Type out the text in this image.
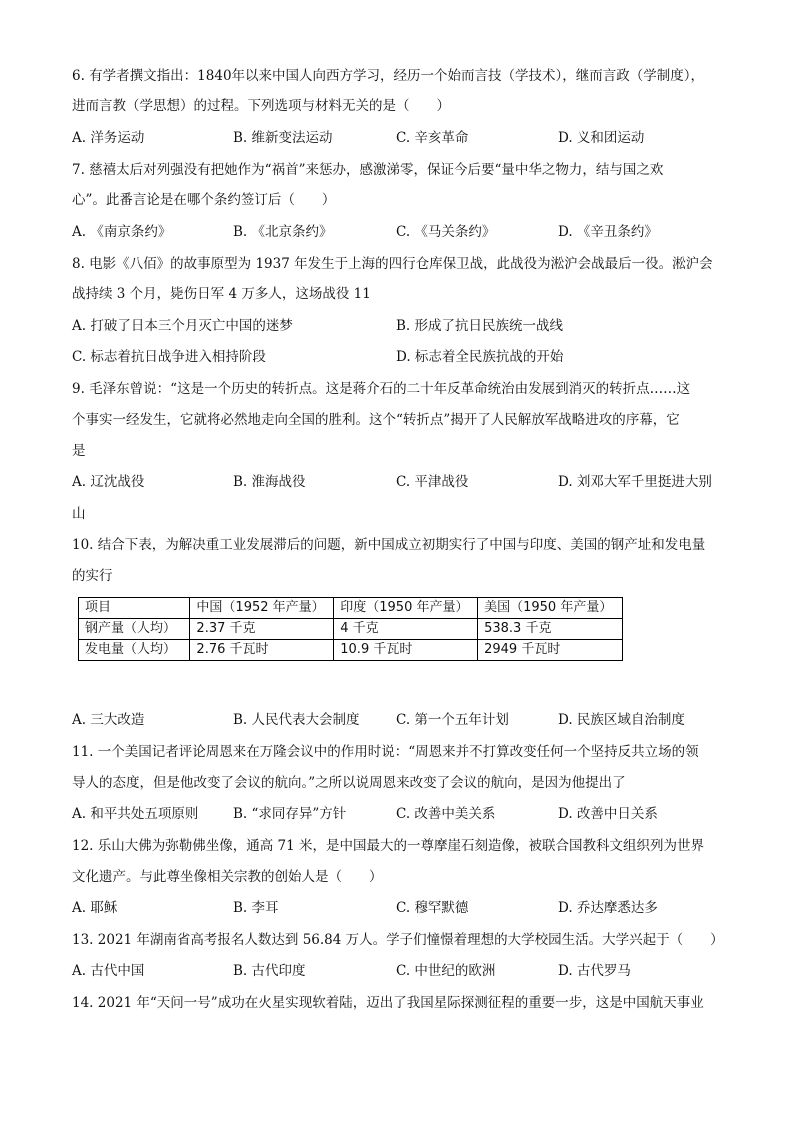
6. 有学者撰文指出：1840年以来中国人向西方学习，经历一个始而言技（学技术），继而言政（学制度），
进而言教（学思想）的过程。下列选项与材料无关的是（　　）
A. 洋务运动	B. 维新变法运动	C. 辛亥革命	D. 义和团运动
7. 慈禧太后对列强没有把她作为“祸首”来惩办，感激涕零，保证今后要“量中华之物力，结与国之欢
心”。此番言论是在哪个条约签订后（　　）
A. 《南京条约》	B. 《北京条约》	C. 《马关条约》	D. 《辛丑条约》
8. 电影《八佰》的故事原型为 1937 年发生于上海的四行仓库保卫战，此战役为淞沪会战最后一役。淞沪会
战持续 3 个月，毙伤日军 4 万多人，这场战役 11
A. 打破了日本三个月灭亡中国的迷梦	B. 形成了抗日民族统一战线
C. 标志着抗日战争进入相持阶段	D. 标志着全民族抗战的开始
9. 毛泽东曾说：“这是一个历史的转折点。这是蒋介石的二十年反革命统治由发展到消灭的转折点……这
个事实一经发生，它就将必然地走向全国的胜利。这个“转折点”揭开了人民解放军战略进攻的序幕，它
是
A. 辽沈战役	B. 淮海战役	C. 平津战役	D. 刘邓大军千里挺进大别
山
10. 结合下表，为解决重工业发展滞后的问题，新中国成立初期实行了中国与印度、美国的钢产址和发电量
的实行
项目	中国（1952 年产量）	印度（1950 年产量）	美国（1950 年产量）
钢产量（人均）	2.37 千克	4 千克	538.3 千克
发电量（人均）	2.76 千瓦时	10.9 千瓦时	2949 千瓦时
A. 三大改造	B. 人民代表大会制度	C. 第一个五年计划	D. 民族区域自治制度
11. 一个美国记者评论周恩来在万隆会议中的作用时说：“周恩来并不打算改变任何一个坚持反共立场的领
导人的态度，但是他改变了会议的航向。”之所以说周恩来改变了会议的航向，是因为他提出了
A. 和平共处五项原则	B. “求同存异”方针	C. 改善中美关系	D. 改善中日关系
12. 乐山大佛为弥勒佛坐像，通高 71 米，是中国最大的一尊摩崖石刻造像，被联合国教科文组织列为世界
文化遗产。与此尊坐像相关宗教的创始人是（　　）
A. 耶稣	B. 李耳	C. 穆罕默德	D. 乔达摩悉达多
13. 2021 年湖南省高考报名人数达到 56.84 万人。学子们憧憬着理想的大学校园生活。大学兴起于（　　）
A. 古代中国	B. 古代印度	C. 中世纪的欧洲	D. 古代罗马
14. 2021 年“天问一号”成功在火星实现软着陆，迈出了我国星际探测征程的重要一步，这是中国航天事业
